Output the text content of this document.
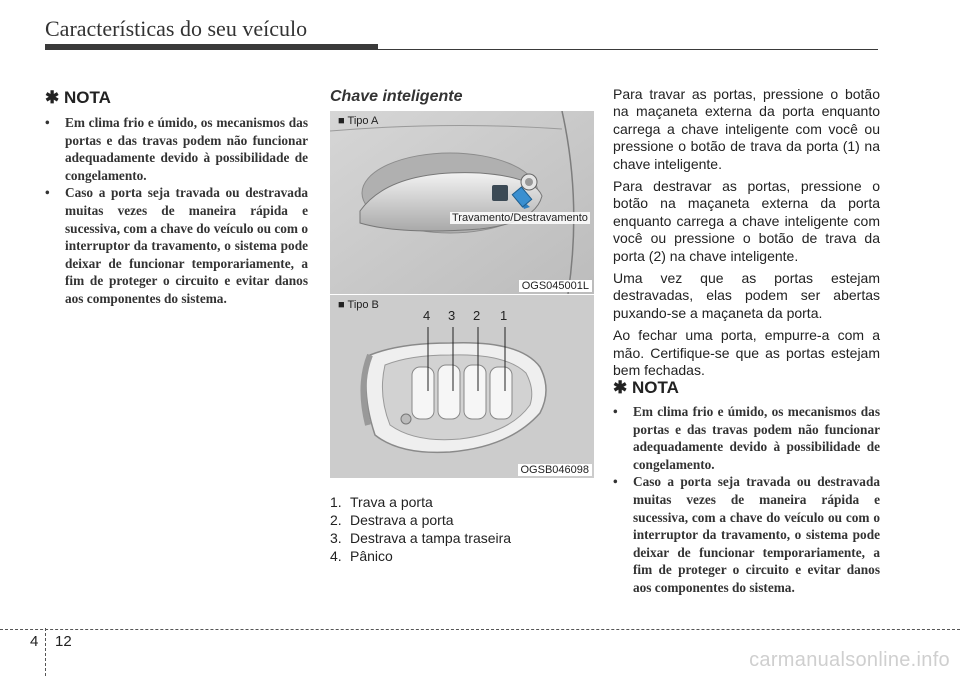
Características do seu veículo
✱ NOTA
• Em clima frio e úmido, os mecanismos das portas e das travas podem não funcionar adequadamente devido à possibilidade de congelamento.
• Caso a porta seja travada ou destravada muitas vezes de maneira rápida e sucessiva, com a chave do veículo ou com o interruptor da travamento, o sistema pode deixar de funcionar temporariamente, a fim de proteger o circuito e evitar danos aos componentes do sistema.
Chave inteligente
■ Tipo A
Travamento/Destravamento
OGS045001L
■ Tipo B
4 3 2 1
OGSB046098
1. Trava a porta
2. Destrava a porta
3. Destrava a tampa traseira
4. Pânico

Para travar as portas, pressione o botão na maçaneta externa da porta enquanto carrega a chave inteligente com você ou pressione o botão de trava da porta (1) na chave inteligente.

Para destravar as portas, pressione o botão na maçaneta externa da porta enquanto carrega a chave inteligente com você ou pressione o botão de trava da porta (2) na chave inteligente.

Uma vez que as portas estejam destravadas, elas podem ser abertas puxando-se a maçaneta da porta.

Ao fechar uma porta, empurre-a com a mão. Certifique-se que as portas estejam bem fechadas.

✱ NOTA
• Em clima frio e úmido, os mecanismos das portas e das travas podem não funcionar adequadamente devido à possibilidade de congelamento.
• Caso a porta seja travada ou destravada muitas vezes de maneira rápida e sucessiva, com a chave do veículo ou com o interruptor da travamento, o sistema pode deixar de funcionar temporariamente, a fim de proteger o circuito e evitar danos aos componentes do sistema.
4 12
carmanualsonline.info
